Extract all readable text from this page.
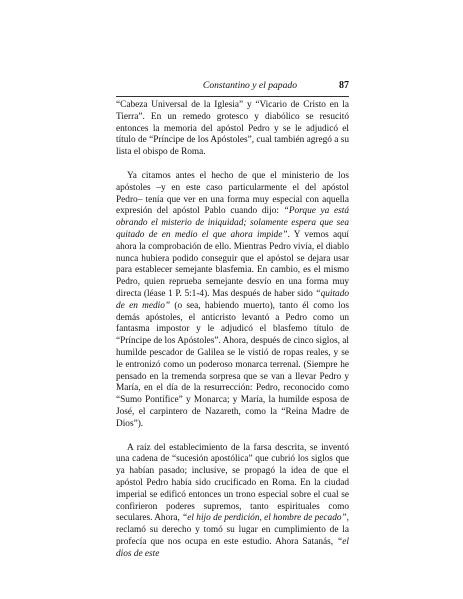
Constantino y el papado	87

“Cabeza Universal de la Iglesia” y “Vicario de Cristo en la Tierra”. En un remedo grotesco y diabólico se resucitó entonces la memoria del apóstol Pedro y se le adjudicó el título de “Príncipe de los Apóstoles”, cual también agregó a su lista el obispo de Roma.

Ya citamos antes el hecho de que el ministerio de los apóstoles –y en este caso particularmente el del apóstol Pedro– tenía que ver en una forma muy especial con aquella expresión del apóstol Pablo cuando dijo: “Porque ya está obrando el misterio de iniquidad; solamente espera que sea quitado de en medio el que ahora impide”. Y vemos aquí ahora la comprobación de ello. Mientras Pedro vivía, el diablo nunca hubiera podido conseguir que el apóstol se dejara usar para establecer semejante blasfemia. En cambio, es el mismo Pedro, quien reprueba semejante desvío en una forma muy directa (léase 1 P. 5:1-4). Mas después de haber sido “quitado de en medio” (o sea, habiendo muerto), tanto él como los demás apóstoles, el anticristo levantó a Pedro como un fantasma impostor y le adjudicó el blasfemo título de “Príncipe de los Apóstoles”. Ahora, después de cinco siglos, al humilde pescador de Galilea se le vistió de ropas reales, y se le entronizó como un poderoso monarca terrenal. (Siempre he pensado en la tremenda sorpresa que se van a llevar Pedro y María, en el día de la resurrección: Pedro, reconocido como “Sumo Pontífice” y Monarca; y María, la humilde esposa de José, el carpintero de Nazareth, como la “Reina Madre de Dios”).

A raíz del establecimiento de la farsa descrita, se inventó una cadena de “sucesión apostólica” que cubrió los siglos que ya habían pasado; inclusive, se propagó la idea de que el apóstol Pedro había sido crucificado en Roma. En la ciudad imperial se edificó entonces un trono especial sobre el cual se confirieron poderes supremos, tanto espirituales como seculares. Ahora, “el hijo de perdición, el hombre de pecado”, reclamó su derecho y tomó su lugar en cumplimiento de la profecía que nos ocupa en este estudio. Ahora Satanás, “el dios de este
